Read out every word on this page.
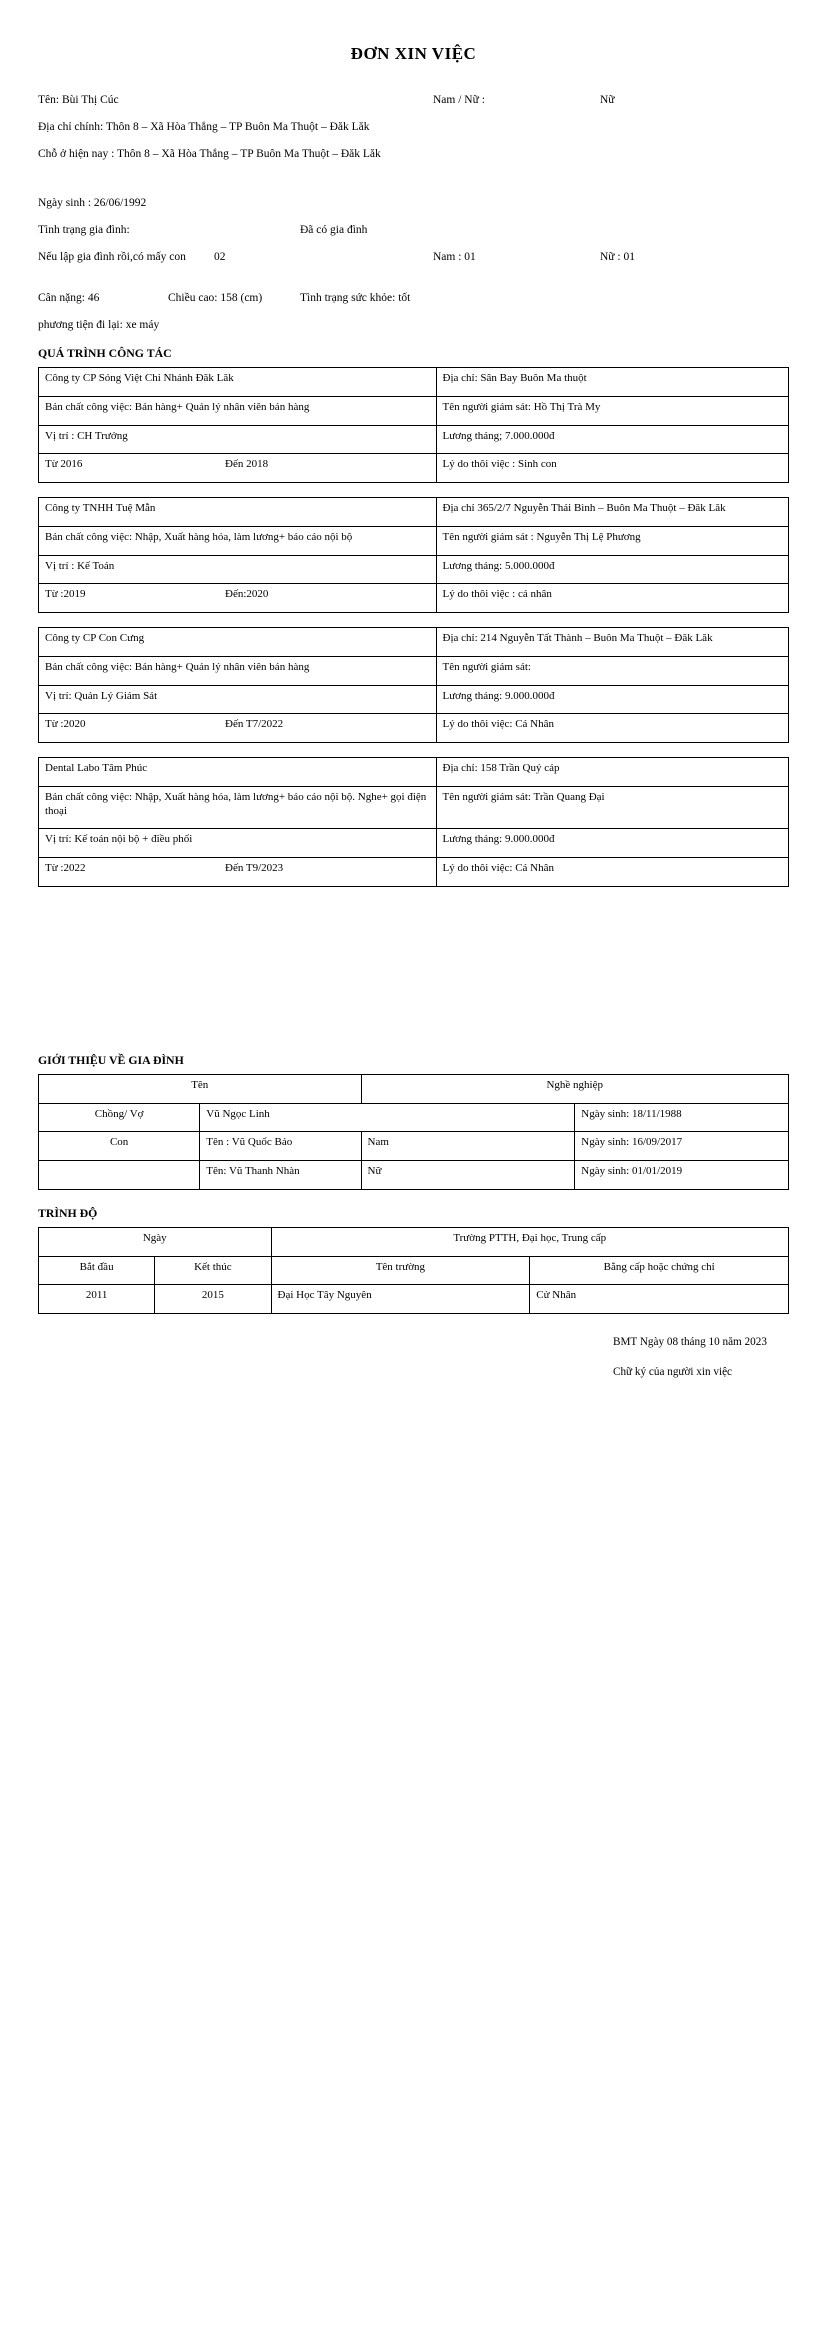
ĐƠN XIN VIỆC
Tên: Bùi Thị Cúc	Nam / Nữ :	Nữ
Địa chỉ chính: Thôn 8 – Xã Hòa Thắng – TP Buôn Ma Thuột – Đăk Lăk
Chỗ ở hiện nay : Thôn 8 – Xã Hòa Thắng – TP Buôn Ma Thuột – Đăk Lăk
Ngày sinh : 26/06/1992
Tình trạng gia đình:	Đã có gia đình
Nếu lập gia đình rồi,có mấy con 02	Nam : 01	Nữ : 01
Cân nặng: 46	Chiều cao: 158 (cm)	Tình trạng sức khỏe: tốt
phương tiện đi lại: xe máy
QUÁ TRÌNH CÔNG TÁC
Công ty CP Sóng Việt Chi Nhánh Đăk Lăk	Địa chỉ: Sân Bay Buôn Ma thuột
Bản chất công việc: Bán hàng+ Quản lý nhân viên bán hàng	Tên người giám sát: Hồ Thị Trà My
Vị trí : CH Trưởng	Lương tháng; 7.000.000đ

Từ 2016 Đến 2018	Lý do thôi việc : Sinh con
Công ty TNHH Tuệ Mẫn	Địa chỉ 365/2/7 Nguyễn Thái Bình – Buôn Ma Thuột – Đăk Lăk
Bản chất công việc: Nhập, Xuất hàng hóa, làm lương+ báo cáo nội bộ	Tên người giám sát : Nguyễn Thị Lệ Phương
Vị trí : Kế Toán	Lương tháng: 5.000.000đ

Từ :2019 Đến:2020	Lý do thôi việc : cá nhân
Công ty CP Con Cưng	Địa chỉ: 214 Nguyễn Tất Thành – Buôn Ma Thuột – Đăk Lăk
Bản chất công việc: Bán hàng+ Quản lý nhân viên bán hàng	Tên người giám sát:
Vị trí: Quản Lý Giám Sát	Lương tháng: 9.000.000đ

Từ :2020 Đến T7/2022	Lý do thôi việc: Cá Nhân
Dental Labo Tâm Phúc	Địa chỉ: 158 Trần Quý cáp
Bản chất công việc: Nhập, Xuất hàng hóa, làm lương+ báo cáo nội bộ. Nghe+ gọi điện thoại	Tên người giám sát: Trần Quang Đại
Vị trí: Kế toán nội bộ + điều phối	Lương tháng: 9.000.000đ

Từ :2022 Đến T9/2023	Lý do thôi việc: Cá Nhân
GIỚI THIỆU VỀ GIA ĐÌNH
Tên		Nghề nghiệp	
Chồng/ Vợ	Vũ Ngọc Linh		Ngày sinh: 18/11/1988
Con	Tên : Vũ Quốc Bảo	Nam	Ngày sinh: 16/09/2017
	Tên: Vũ Thanh Nhàn	Nữ	Ngày sinh: 01/01/2019
TRÌNH ĐỘ
Ngày		Trường PTTH, Đại học, Trung cấp	
Bắt đầu	Kết thúc	Tên trường	Bằng cấp hoặc chứng chỉ
2011	2015	Đại Học Tây Nguyên	Cử Nhân
BMT Ngày 08 tháng 10 năm 2023
Chữ ký của người xin việc
